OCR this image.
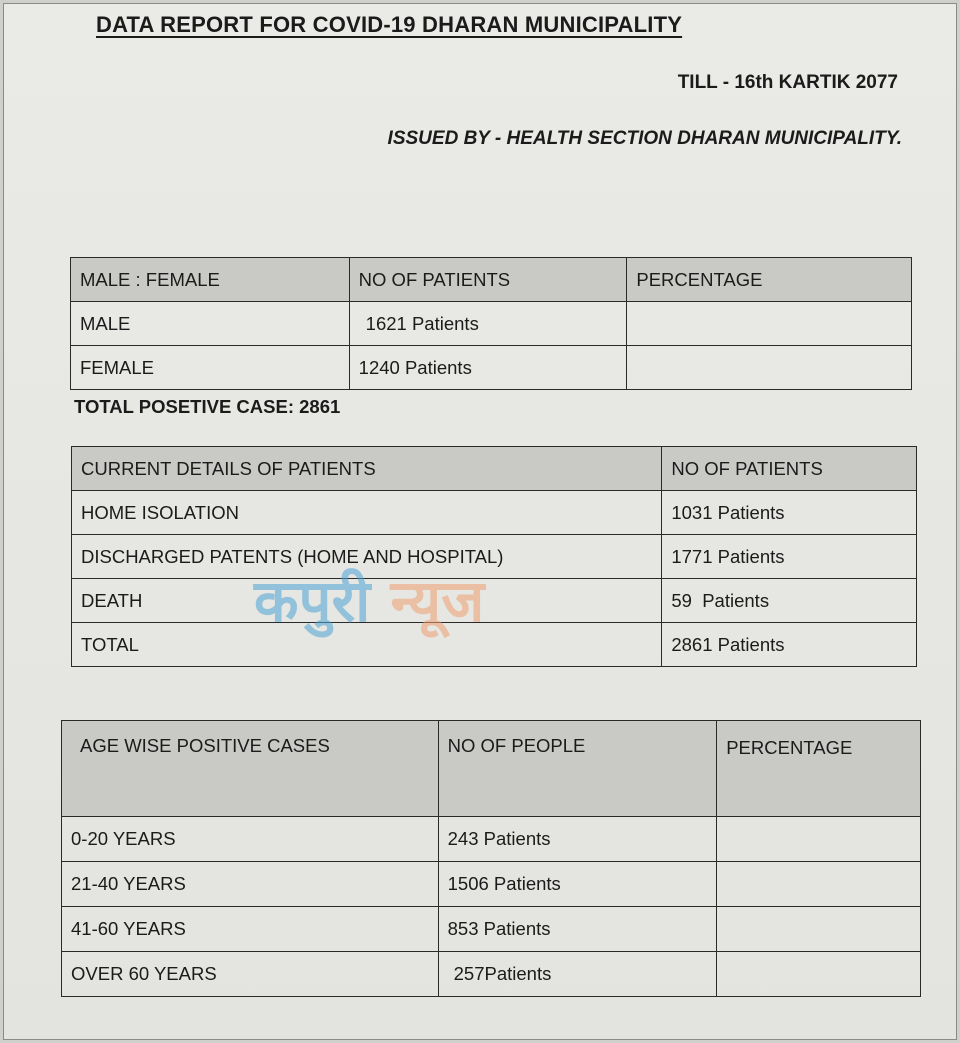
DATA REPORT FOR COVID-19 DHARAN MUNICIPALITY
TILL - 16th KARTIK 2077
ISSUED BY - HEALTH SECTION DHARAN MUNICIPALITY.
MALE : FEMALE	NO OF PATIENTS	PERCENTAGE
MALE	1621 Patients	
FEMALE	1240 Patients	
TOTAL POSETIVE CASE: 2861
CURRENT DETAILS OF PATIENTS	NO OF PATIENTS
HOME ISOLATION	1031 Patients
DISCHARGED PATENTS (HOME AND HOSPITAL)	1771 Patients
DEATH	59  Patients
TOTAL	2861 Patients
कपुरी न्यूज
AGE WISE POSITIVE CASES	NO OF PEOPLE	PERCENTAGE
0-20 YEARS	243 Patients	
21-40 YEARS	1506 Patients	
41-60 YEARS	853 Patients	
OVER 60 YEARS	257Patients	
